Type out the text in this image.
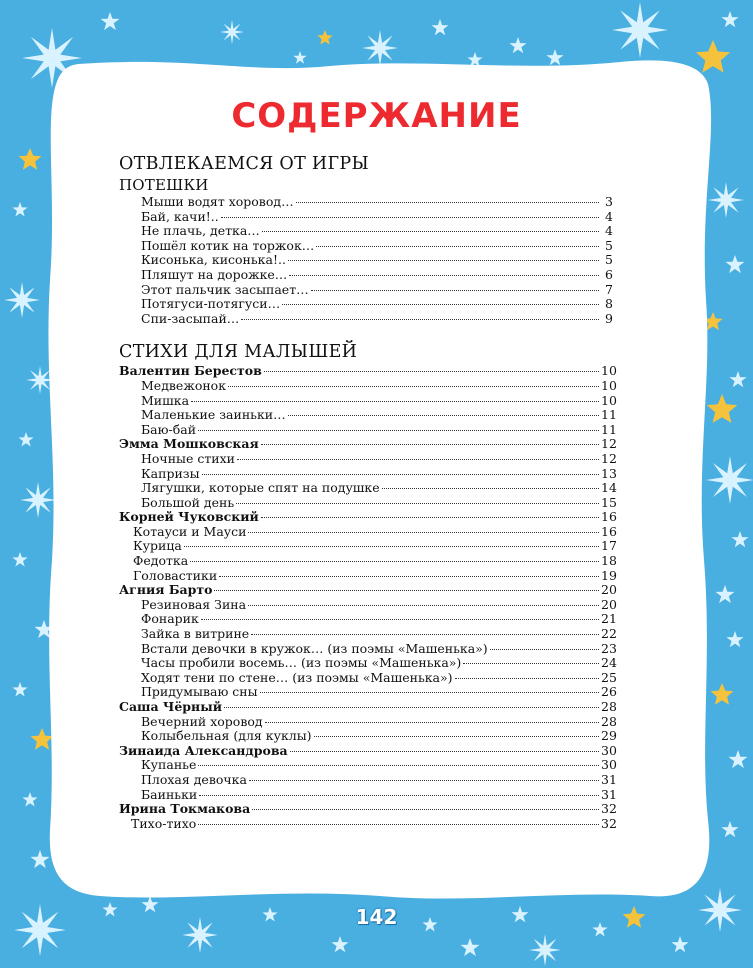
СОДЕРЖАНИЕ
ОТВЛЕКАЕМСЯ ОТ ИГРЫ
ПОТЕШКИ
Мыши водят хоровод…	3
Бай, качи!..	4
Не плачь, детка…	4
Пошёл котик на торжок…	5
Кисонька, кисонька!..	5
Пляшут на дорожке…	6
Этот пальчик засыпает…	7
Потягуси-потягуси…	8
Спи-засыпай…	9
СТИХИ ДЛЯ МАЛЫШЕЙ
Валентин Берестов	10
Медвежонок	10
Мишка	10
Маленькие заиньки…	11
Баю-бай	11
Эмма Мошковская	12
Ночные стихи	12
Капризы	13
Лягушки, которые спят на подушке	14
Большой день	15
Корней Чуковский	16
Котауси и Мауси	16
Курица	17
Федотка	18
Головастики	19
Агния Барто	20
Резиновая Зина	20
Фонарик	21
Зайка в витрине	22
Встали девочки в кружок… (из поэмы «Машенька»)	23
Часы пробили восемь… (из поэмы «Машенька»)	24
Ходят тени по стене… (из поэмы «Машенька»)	25
Придумываю сны	26
Саша Чёрный	28
Вечерний хоровод	28
Колыбельная (для куклы)	29
Зинаида Александрова	30
Купанье	30
Плохая девочка	31
Баиньки	31
Ирина Токмакова	32
Тихо-тихо	32
142
